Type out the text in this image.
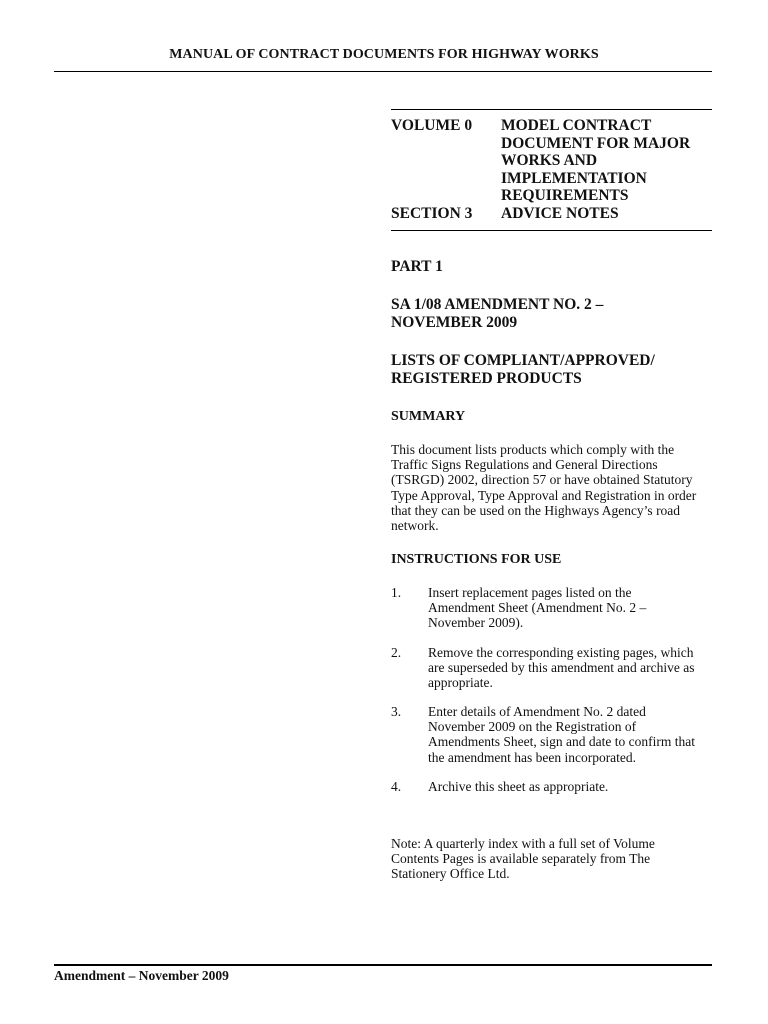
MANUAL OF CONTRACT DOCUMENTS FOR HIGHWAY WORKS
VOLUME 0	MODEL CONTRACT
DOCUMENT FOR MAJOR
WORKS AND
IMPLEMENTATION
REQUIREMENTS
SECTION 3	ADVICE NOTES
PART 1
SA 1/08 AMENDMENT NO. 2 –
NOVEMBER 2009
LISTS OF COMPLIANT/APPROVED/
REGISTERED PRODUCTS
SUMMARY
This document lists products which comply with the
Traffic Signs Regulations and General Directions
(TSRGD) 2002, direction 57 or have obtained Statutory
Type Approval, Type Approval and Registration in order
that they can be used on the Highways Agency’s road
network.
INSTRUCTIONS FOR USE
1.	Insert replacement pages listed on the
Amendment Sheet (Amendment No. 2 –
November 2009).
2.	Remove the corresponding existing pages, which
are superseded by this amendment and archive as
appropriate.
3.	Enter details of Amendment No. 2 dated
November 2009 on the Registration of
Amendments Sheet, sign and date to confirm that
the amendment has been incorporated.
4.	Archive this sheet as appropriate.
Note: A quarterly index with a full set of Volume
Contents Pages is available separately from The
Stationery Office Ltd.
Amendment – November 2009
